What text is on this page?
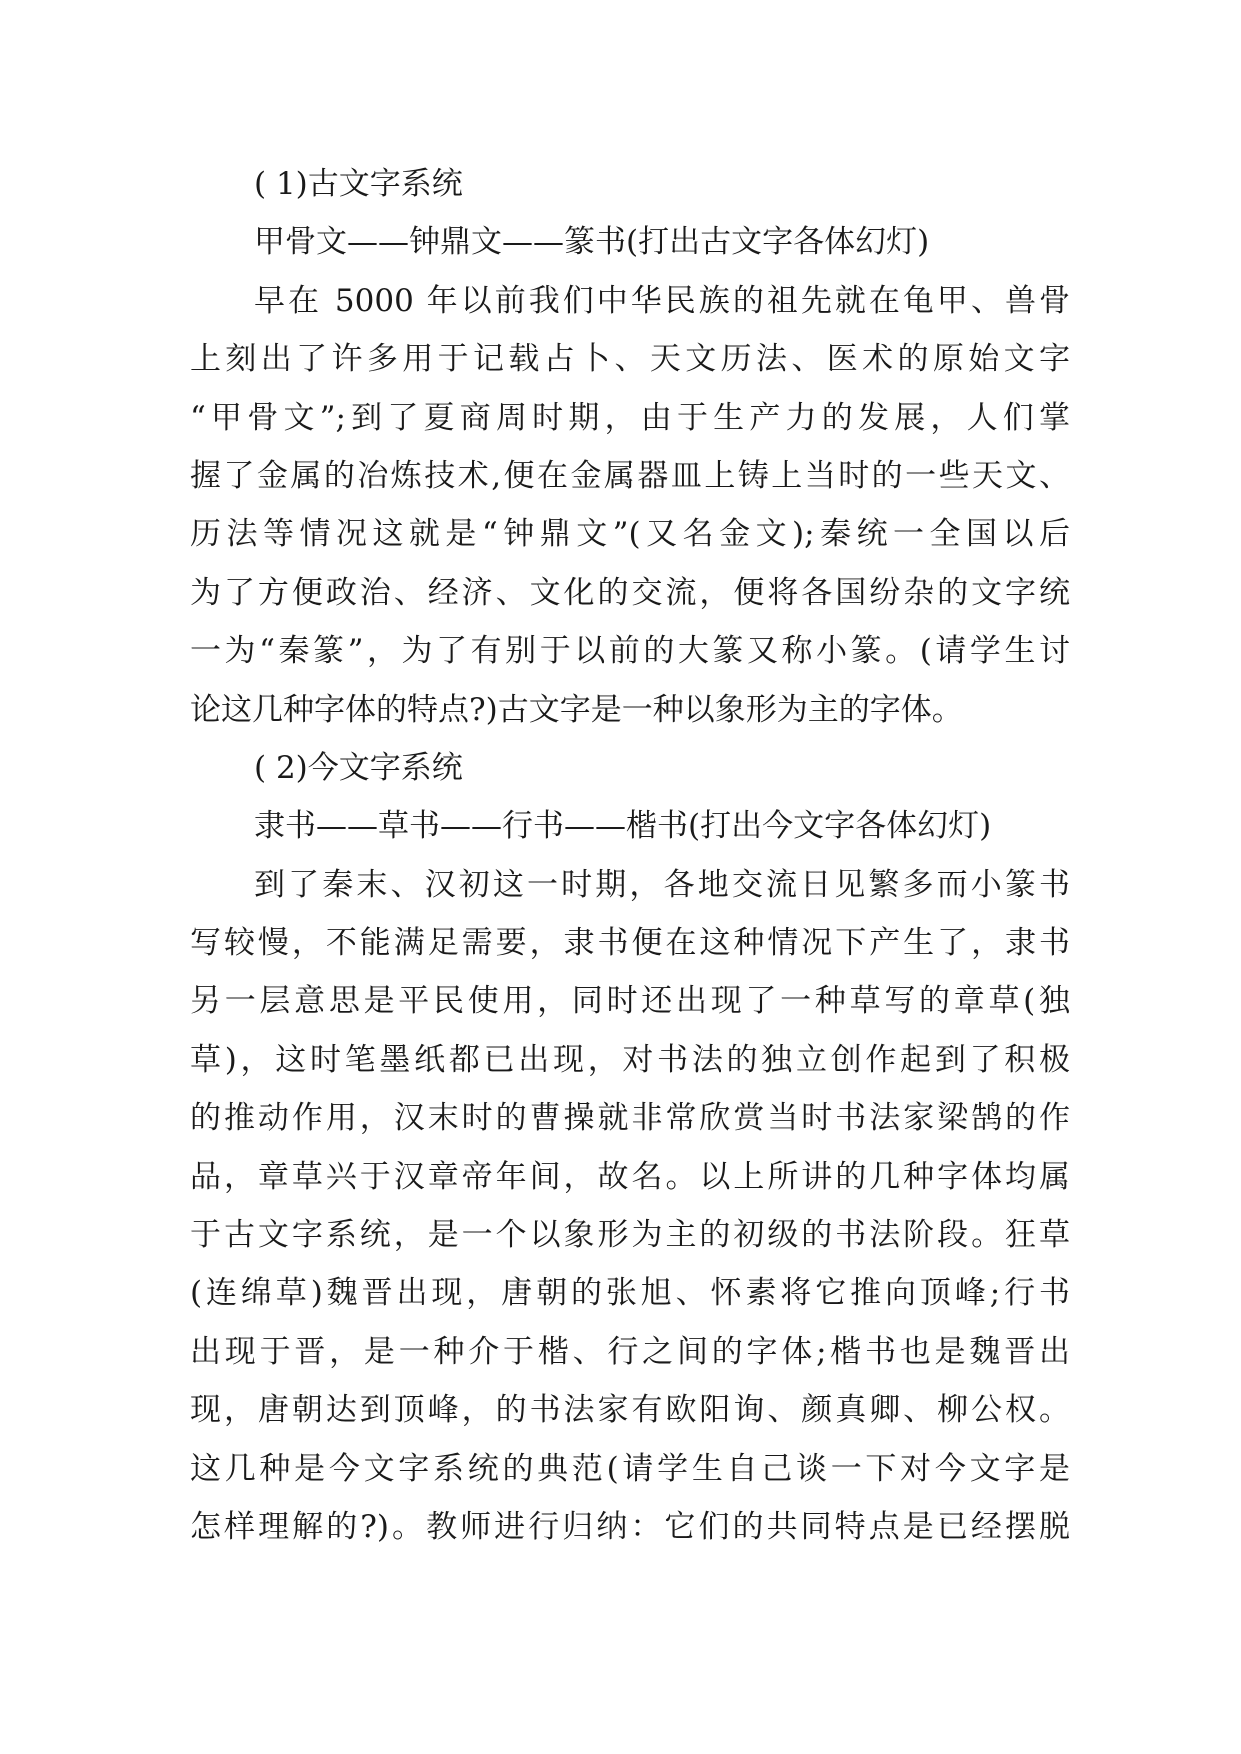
( 1)古文字系统
甲骨文——钟鼎文——篆书(打出古文字各体幻灯)
早在 5000 年以前我们中华民族的祖先就在龟甲、兽骨
上刻出了许多用于记载占卜、天文历法、医术的原始文字
“甲骨文”;到了夏商周时期，由于生产力的发展，人们掌
握了金属的冶炼技术,便在金属器皿上铸上当时的一些天文、
历法等情况这就是“钟鼎文”(又名金文);秦统一全国以后
为了方便政治、经济、文化的交流，便将各国纷杂的文字统
一为“秦篆”，为了有别于以前的大篆又称小篆。(请学生讨
论这几种字体的特点?)古文字是一种以象形为主的字体。
( 2)今文字系统
隶书——草书——行书——楷书(打出今文字各体幻灯)
到了秦末、汉初这一时期，各地交流日见繁多而小篆书
写较慢，不能满足需要，隶书便在这种情况下产生了，隶书
另一层意思是平民使用，同时还出现了一种草写的章草(独
草)，这时笔墨纸都已出现，对书法的独立创作起到了积极
的推动作用，汉末时的曹操就非常欣赏当时书法家梁鹄的作
品，章草兴于汉章帝年间，故名。以上所讲的几种字体均属
于古文字系统，是一个以象形为主的初级的书法阶段。狂草
(连绵草)魏晋出现，唐朝的张旭、怀素将它推向顶峰;行书
出现于晋，是一种介于楷、行之间的字体;楷书也是魏晋出
现，唐朝达到顶峰，的书法家有欧阳询、颜真卿、柳公权。
这几种是今文字系统的典范(请学生自己谈一下对今文字是
怎样理解的?)。教师进行归纳：它们的共同特点是已经摆脱
